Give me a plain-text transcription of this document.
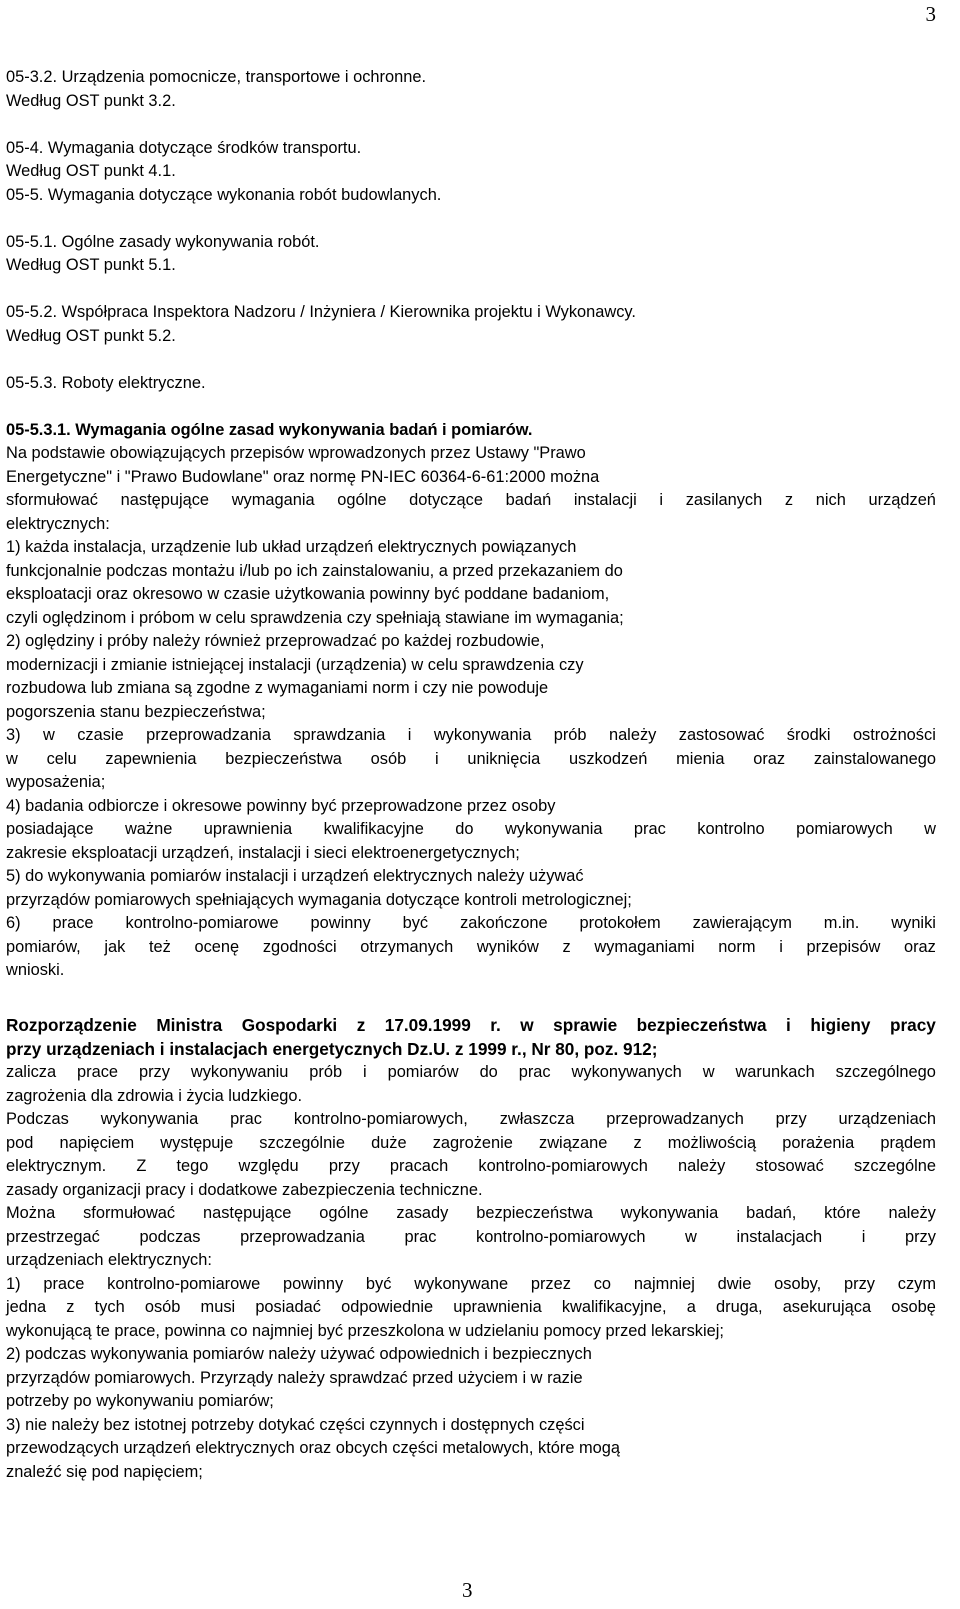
3
05-3.2. Urządzenia pomocnicze, transportowe i ochronne.
Według OST punkt 3.2.
05-4. Wymagania dotyczące środków transportu.
Według OST punkt 4.1.
05-5. Wymagania dotyczące wykonania robót budowlanych.
05-5.1. Ogólne zasady wykonywania robót.
Według OST punkt 5.1.
05-5.2. Współpraca Inspektora Nadzoru / Inżyniera / Kierownika projektu i Wykonawcy.
Według OST punkt 5.2.
05-5.3. Roboty elektryczne.
05-5.3.1. Wymagania ogólne zasad wykonywania badań i pomiarów.
Na podstawie obowiązujących przepisów wprowadzonych przez Ustawy "Prawo
Energetyczne" i "Prawo Budowlane" oraz normę PN-IEC 60364-6-61:2000 można
sformułować następujące wymagania ogólne dotyczące badań instalacji i zasilanych z nich urządzeń
elektrycznych:
1) każda instalacja, urządzenie lub układ urządzeń elektrycznych powiązanych
funkcjonalnie podczas montażu i/lub po ich zainstalowaniu, a przed przekazaniem do
eksploatacji oraz okresowo w czasie użytkowania powinny być poddane badaniom,
czyli oględzinom i próbom w celu sprawdzenia czy spełniają stawiane im wymagania;
2) oględziny i próby należy również przeprowadzać po każdej rozbudowie,
modernizacji i zmianie istniejącej instalacji (urządzenia) w celu sprawdzenia czy
rozbudowa lub zmiana są zgodne z wymaganiami norm i czy nie powoduje
pogorszenia stanu bezpieczeństwa;
3) w czasie przeprowadzania sprawdzania i wykonywania prób należy zastosować środki ostrożności
w celu zapewnienia bezpieczeństwa osób i uniknięcia uszkodzeń mienia oraz zainstalowanego
wyposażenia;
4) badania odbiorcze i okresowe powinny być przeprowadzone przez osoby
posiadające ważne uprawnienia kwalifikacyjne do wykonywania prac kontrolno pomiarowych w
zakresie eksploatacji urządzeń, instalacji i sieci elektroenergetycznych;
5) do wykonywania pomiarów instalacji i urządzeń elektrycznych należy używać
przyrządów pomiarowych spełniających wymagania dotyczące kontroli metrologicznej;
6) prace kontrolno-pomiarowe powinny być zakończone protokołem zawierającym m.in. wyniki
pomiarów, jak też ocenę zgodności otrzymanych wyników z wymaganiami norm i przepisów oraz
wnioski.
Rozporządzenie Ministra Gospodarki z 17.09.1999 r. w sprawie bezpieczeństwa i higieny pracy
przy urządzeniach i instalacjach energetycznych Dz.U. z 1999 r., Nr 80, poz. 912;
zalicza prace przy wykonywaniu prób i pomiarów do prac wykonywanych w warunkach szczególnego
zagrożenia dla zdrowia i życia ludzkiego.
Podczas wykonywania prac kontrolno-pomiarowych, zwłaszcza przeprowadzanych przy urządzeniach
pod napięciem występuje szczególnie duże zagrożenie związane z możliwością porażenia prądem
elektrycznym. Z tego względu przy pracach kontrolno-pomiarowych należy stosować szczególne
zasady organizacji pracy i dodatkowe zabezpieczenia techniczne.
Można sformułować następujące ogólne zasady bezpieczeństwa wykonywania badań, które należy
przestrzegać podczas przeprowadzania prac kontrolno-pomiarowych w instalacjach i przy
urządzeniach elektrycznych:
1) prace kontrolno-pomiarowe powinny być wykonywane przez co najmniej dwie osoby, przy czym
jedna z tych osób musi posiadać odpowiednie uprawnienia kwalifikacyjne, a druga, asekurująca osobę
wykonującą te prace, powinna co najmniej być przeszkolona w udzielaniu pomocy przed lekarskiej;
2) podczas wykonywania pomiarów należy używać odpowiednich i bezpiecznych
przyrządów pomiarowych. Przyrządy należy sprawdzać przed użyciem i w razie
potrzeby po wykonywaniu pomiarów;
3) nie należy bez istotnej potrzeby dotykać części czynnych i dostępnych części
przewodzących urządzeń elektrycznych oraz obcych części metalowych, które mogą
znaleźć się pod napięciem;
3
